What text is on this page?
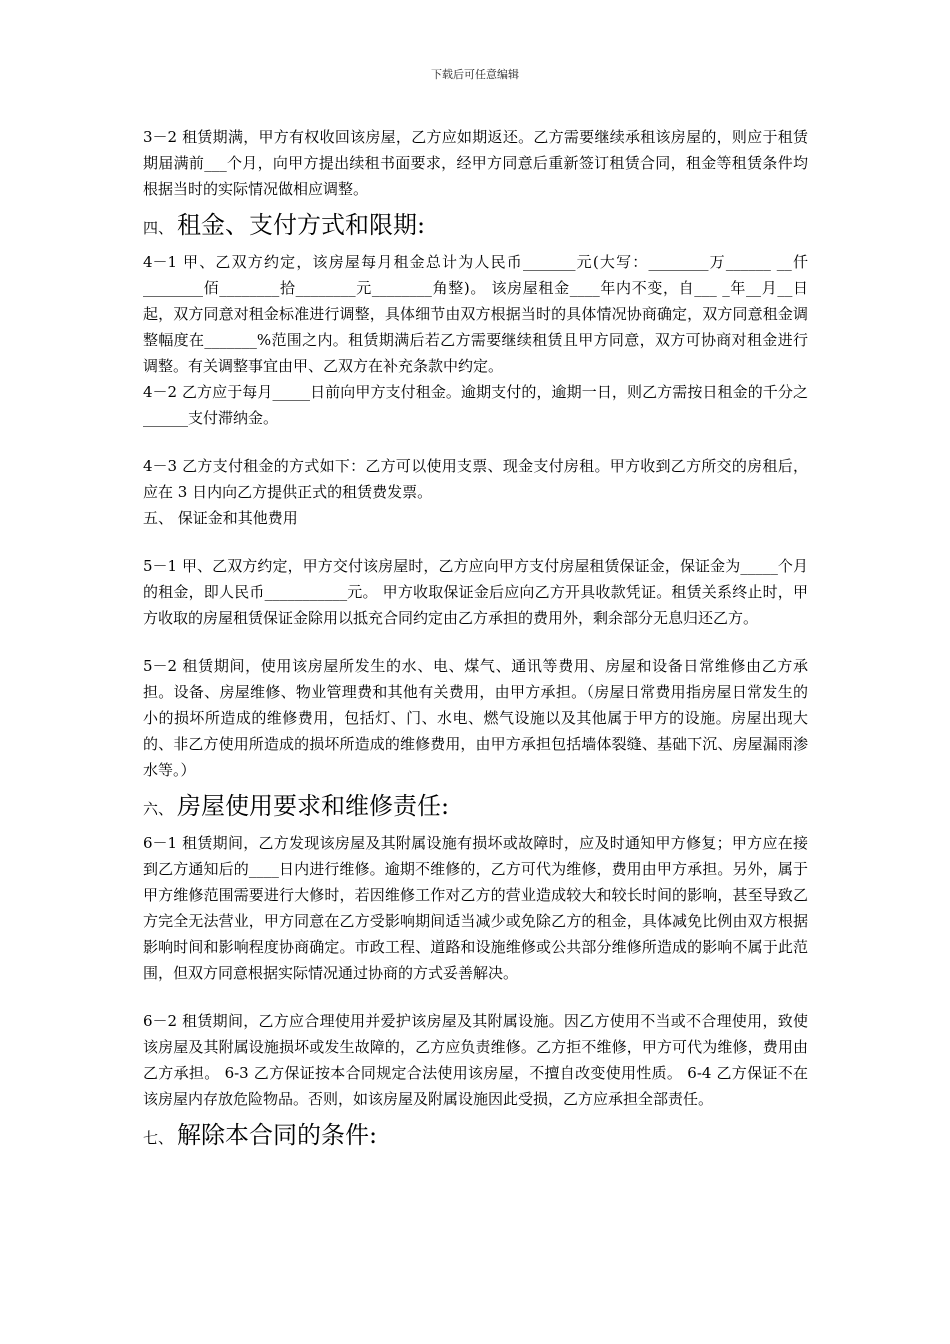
下载后可任意编辑

3－2 租赁期满，甲方有权收回该房屋，乙方应如期返还。乙方需要继续承租该房屋的，则应于租赁期届满前___个月，向甲方提出续租书面要求，经甲方同意后重新签订租赁合同，租金等租赁条件均根据当时的实际情况做相应调整。

四、 租金、支付方式和限期:

4－1 甲、乙双方约定，该房屋每月租金总计为人民币_______元(大写：________万______ __仟________佰________拾________元________角整)。 该房屋租金____年内不变，自___ _年__月__日起，双方同意对租金标准进行调整，具体细节由双方根据当时的具体情况协商确定，双方同意租金调整幅度在_______%范围之内。租赁期满后若乙方需要继续租赁且甲方同意，双方可协商对租金进行调整。有关调整事宜由甲、乙双方在补充条款中约定。

4－2 乙方应于每月_____日前向甲方支付租金。逾期支付的，逾期一日，则乙方需按日租金的千分之______支付滞纳金。

4－3 乙方支付租金的方式如下：乙方可以使用支票、现金支付房租。甲方收到乙方所交的房租后，应在 3 日内向乙方提供正式的租赁费发票。

五、 保证金和其他费用

5－1 甲、乙双方约定，甲方交付该房屋时，乙方应向甲方支付房屋租赁保证金，保证金为_____个月的租金，即人民币___________元。 甲方收取保证金后应向乙方开具收款凭证。租赁关系终止时，甲方收取的房屋租赁保证金除用以抵充合同约定由乙方承担的费用外，剩余部分无息归还乙方。

5－2 租赁期间，使用该房屋所发生的水、电、煤气、通讯等费用、房屋和设备日常维修由乙方承担。设备、房屋维修、物业管理费和其他有关费用，由甲方承担。（房屋日常费用指房屋日常发生的小的损坏所造成的维修费用，包括灯、门、水电、燃气设施以及其他属于甲方的设施。房屋出现大的、非乙方使用所造成的损坏所造成的维修费用，由甲方承担包括墙体裂缝、基础下沉、房屋漏雨渗水等。）

六、 房屋使用要求和维修责任:

6－1 租赁期间，乙方发现该房屋及其附属设施有损坏或故障时，应及时通知甲方修复；甲方应在接到乙方通知后的____日内进行维修。逾期不维修的，乙方可代为维修，费用由甲方承担。另外，属于甲方维修范围需要进行大修时，若因维修工作对乙方的营业造成较大和较长时间的影响，甚至导致乙方完全无法营业，甲方同意在乙方受影响期间适当减少或免除乙方的租金，具体减免比例由双方根据影响时间和影响程度协商确定。市政工程、道路和设施维修或公共部分维修所造成的影响不属于此范围，但双方同意根据实际情况通过协商的方式妥善解决。

6－2 租赁期间，乙方应合理使用并爱护该房屋及其附属设施。因乙方使用不当或不合理使用，致使该房屋及其附属设施损坏或发生故障的，乙方应负责维修。乙方拒不维修，甲方可代为维修，费用由乙方承担。 6-3 乙方保证按本合同规定合法使用该房屋，不擅自改变使用性质。 6-4 乙方保证不在该房屋内存放危险物品。否则，如该房屋及附属设施因此受损，乙方应承担全部责任。

七、 解除本合同的条件:
